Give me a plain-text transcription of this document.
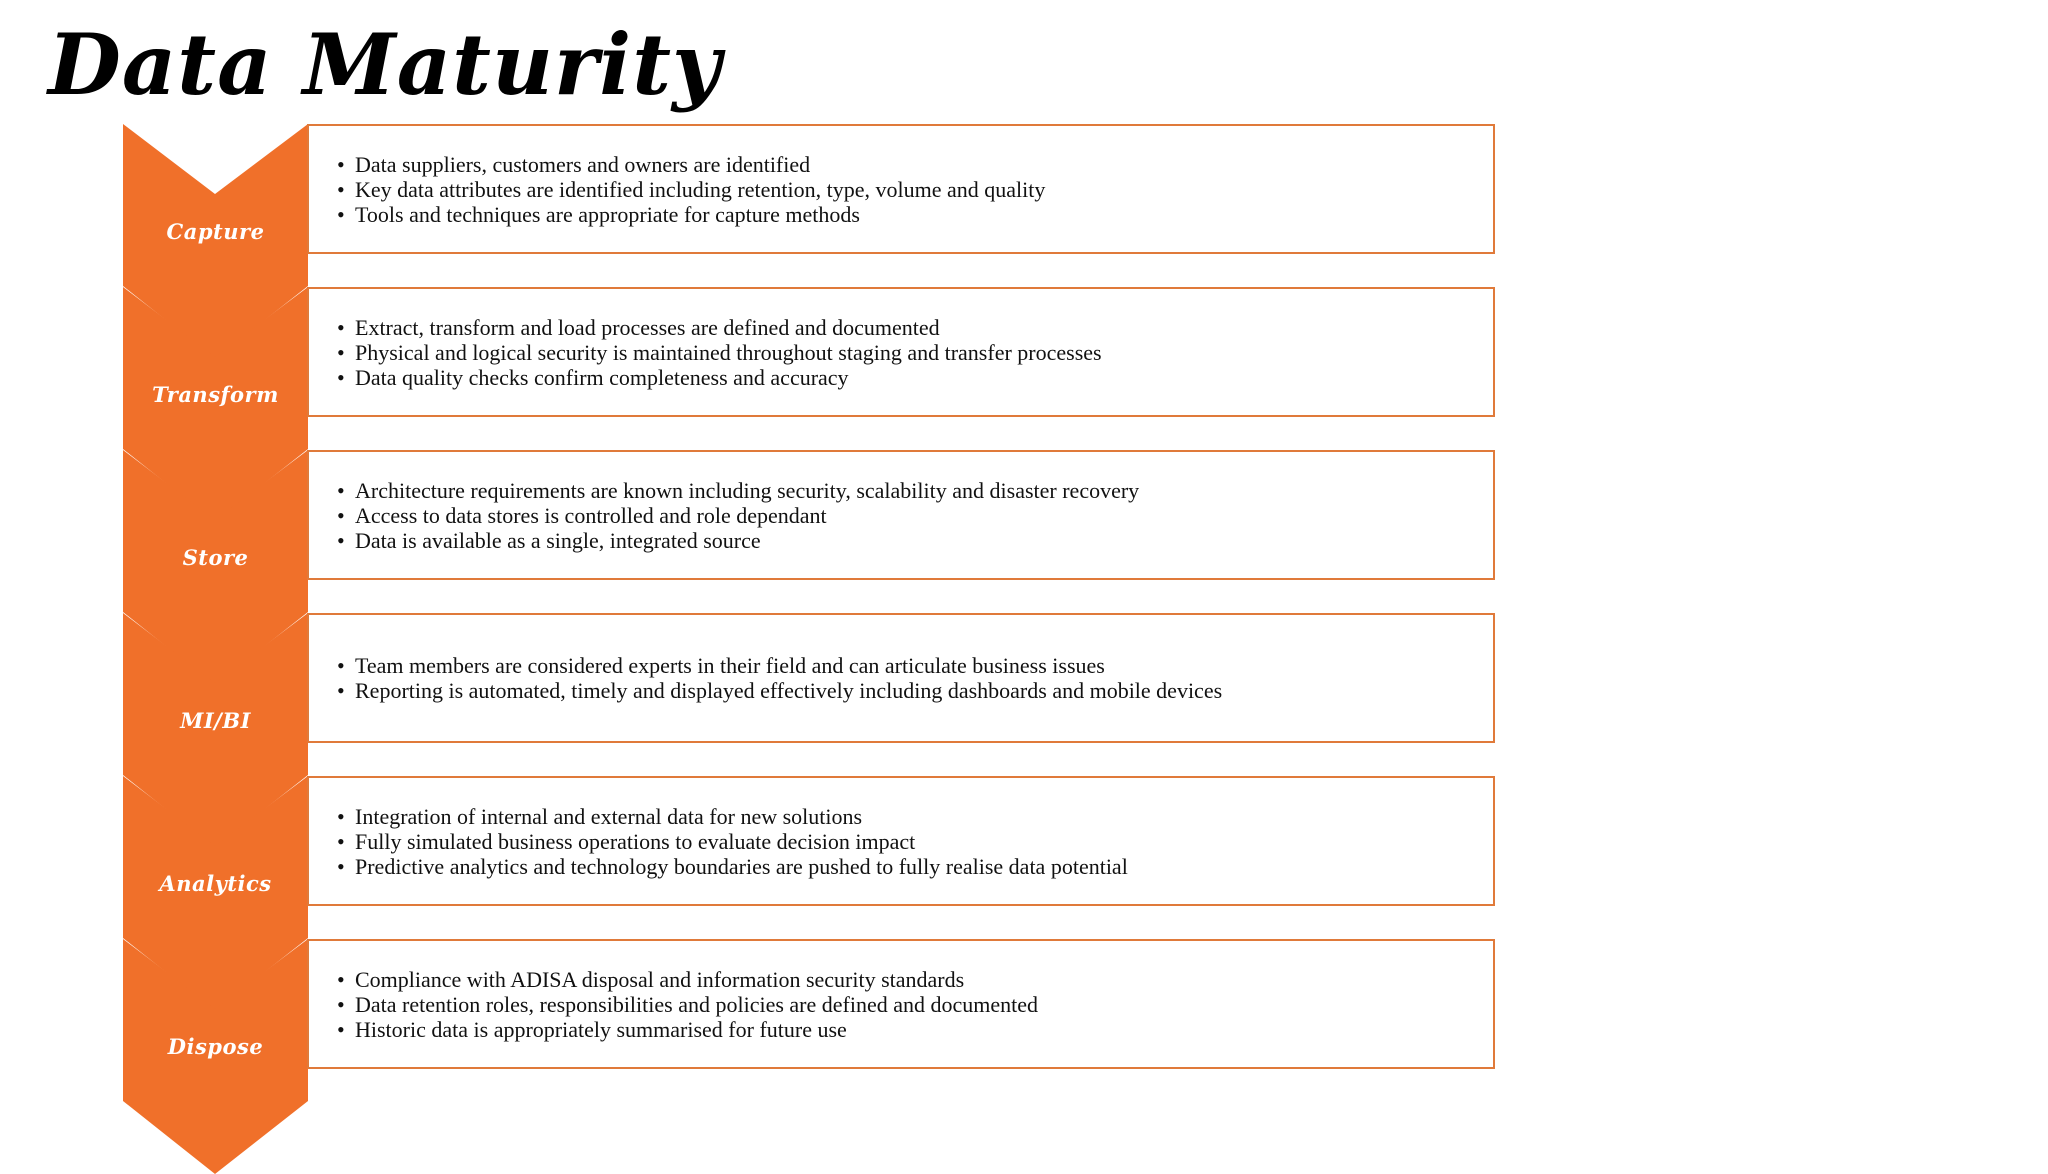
Data Maturity
Capture
• Data suppliers, customers and owners are identified
• Key data attributes are identified including retention, type, volume and quality
• Tools and techniques are appropriate for capture methods
Transform
• Extract, transform and load processes are defined and documented
• Physical and logical security is maintained throughout staging and transfer processes
• Data quality checks confirm completeness and accuracy
Store
• Architecture requirements are known including security, scalability and disaster recovery
• Access to data stores is controlled and role dependant
• Data is available as a single, integrated source
MI/BI
• Team members are considered experts in their field and can articulate business issues
• Reporting is automated, timely and displayed effectively including dashboards and mobile devices
Analytics
• Integration of internal and external data for new solutions
• Fully simulated business operations to evaluate decision impact
• Predictive analytics and technology boundaries are pushed to fully realise data potential
Dispose
• Compliance with ADISA disposal and information security standards
• Data retention roles, responsibilities and policies are defined and documented
• Historic data is appropriately summarised for future use
